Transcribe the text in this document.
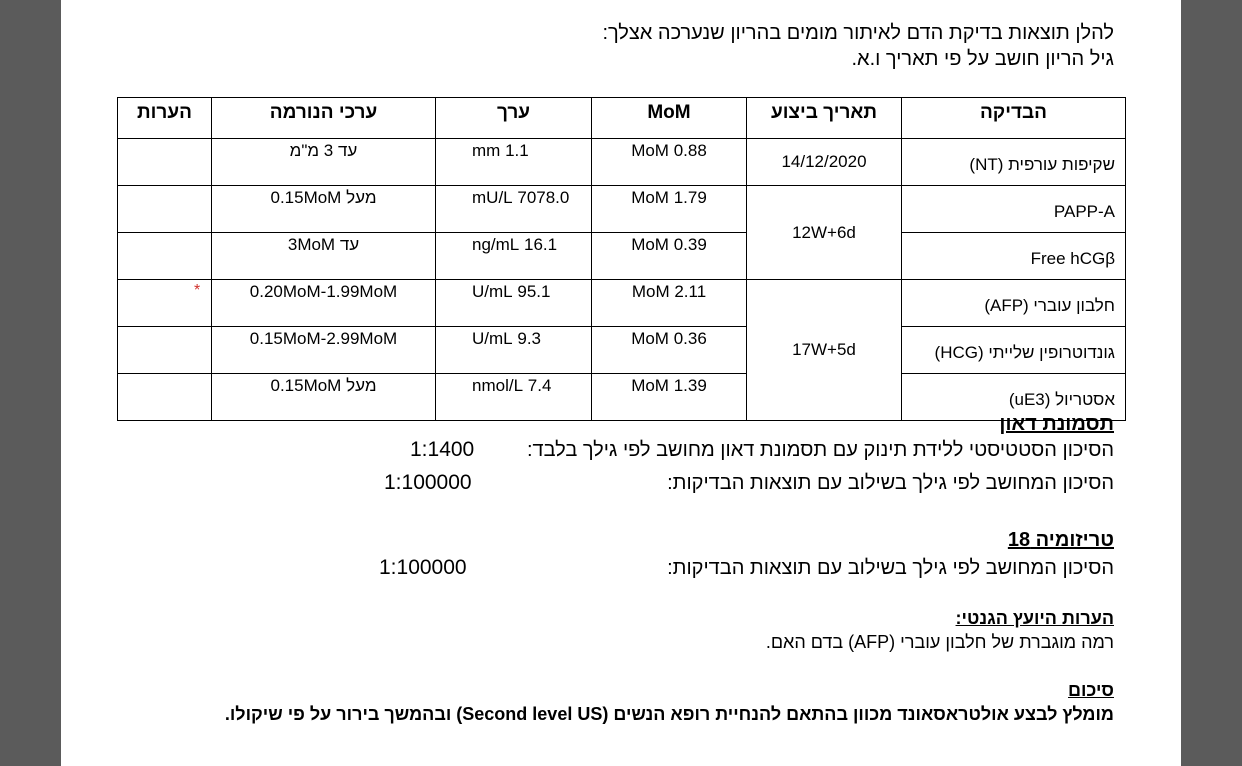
להלן תוצאות בדיקת הדם לאיתור מומים בהריון שנערכה אצלך:
גיל הריון חושב על פי תאריך ו.א.
הבדיקה	תאריך ביצוע	MoM	ערך	ערכי הנורמה	הערות
שקיפות עורפית (NT)	14/12/2020	0.88 MoM	1.1 mm	עד 3 מ"מ	
PAPP-A	12W+6d	1.79 MoM	7078.0 mU/L	מעל 0.15MoM	
Free hCGβ		0.39 MoM	16.1 ng/mL	עד 3MoM	
חלבון עוברי (AFP)	17W+5d	2.11 MoM	95.1 U/mL	0.20MoM-1.99MoM	*
גונדוטרופין שלייתי (HCG)		0.36 MoM	9.3 U/mL	0.15MoM-2.99MoM	
אסטריול (uE3)		1.39 MoM	7.4 nmol/L	מעל 0.15MoM	
תסמונת דאון
הסיכון הסטטיסטי ללידת תינוק עם תסמונת דאון מחושב לפי גילך בלבד:
1:1400
הסיכון המחושב לפי גילך בשילוב עם תוצאות הבדיקות:
1:100000
טריזומיה 18
הסיכון המחושב לפי גילך בשילוב עם תוצאות הבדיקות:
1:100000
הערות היועץ הגנטי:
רמה מוגברת של חלבון עוברי (AFP) בדם האם.
סיכום
מומלץ לבצע אולטראסאונד מכוון בהתאם להנחיית רופא הנשים (Second level US) ובהמשך בירור על פי שיקולו.
